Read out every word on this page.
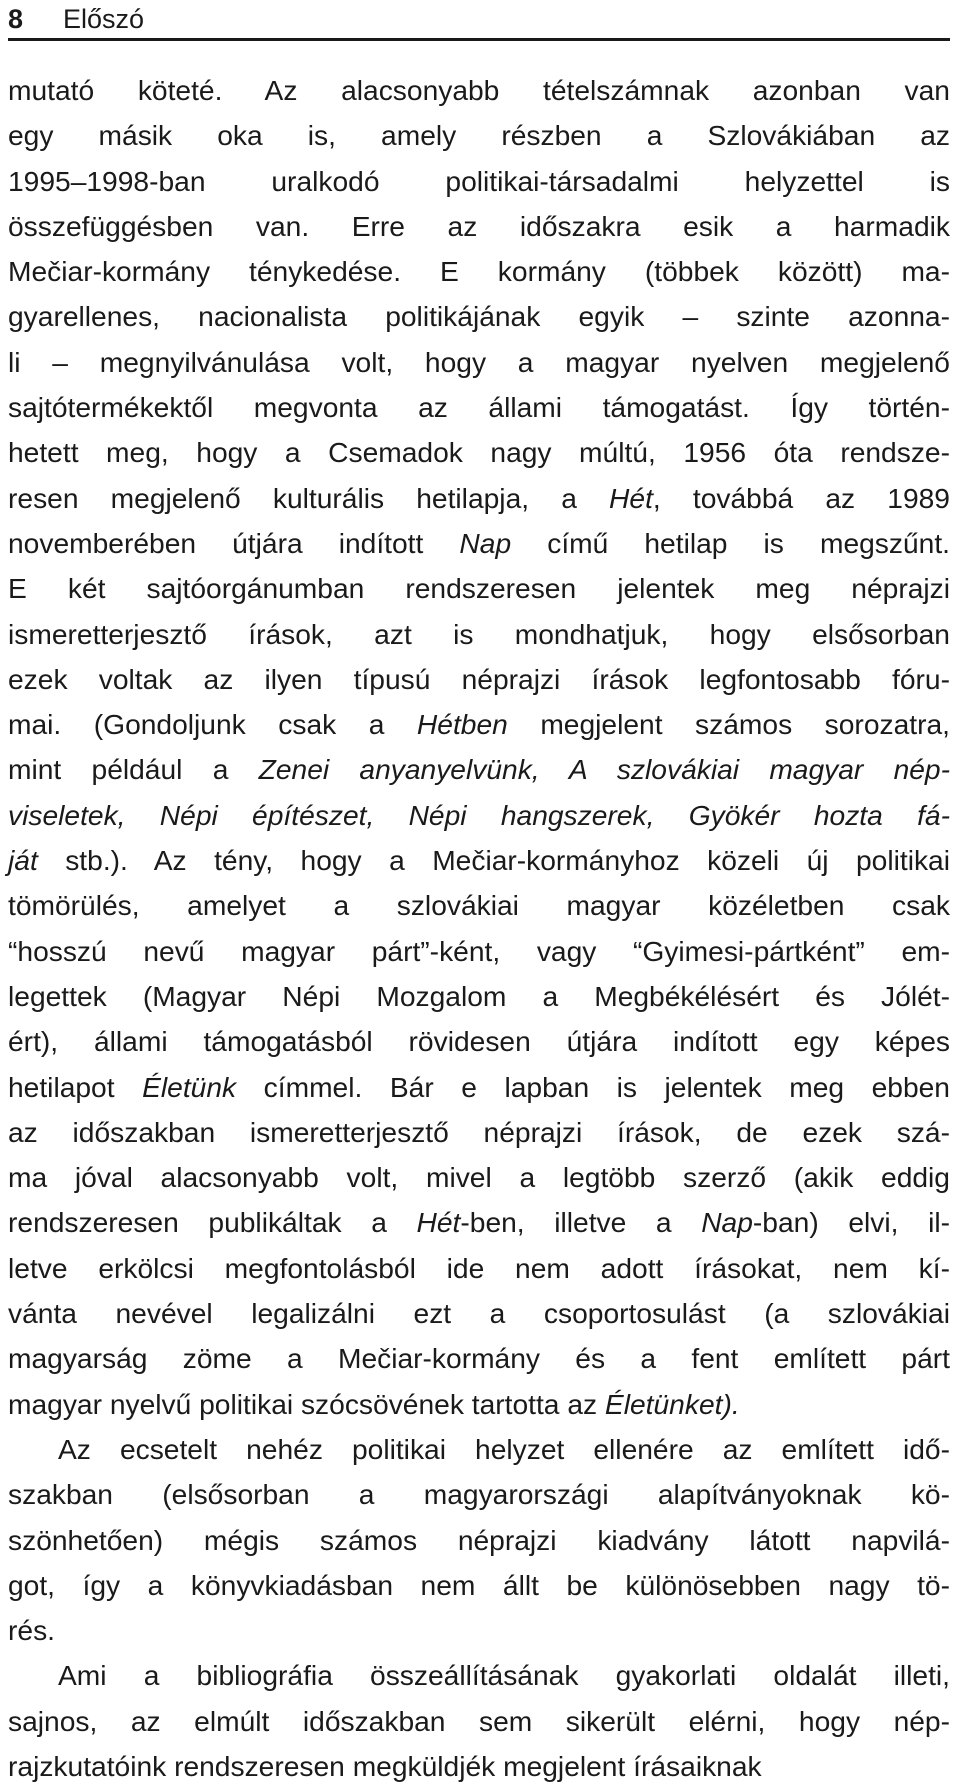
8 Előszó
mutató köteté. Az alacsonyabb tételszámnak azonban van
egy másik oka is, amely részben a Szlovákiában az
1995–1998-ban uralkodó politikai-társadalmi helyzettel is
összefüggésben van. Erre az időszakra esik a harmadik
Mečiar-kormány ténykedése. E kormány (többek között) ma-
gyarellenes, nacionalista politikájának egyik – szinte azonna-
li – megnyilvánulása volt, hogy a magyar nyelven megjelenő
sajtótermékektől megvonta az állami támogatást. Így történ-
hetett meg, hogy a Csemadok nagy múltú, 1956 óta rendsze-
resen megjelenő kulturális hetilapja, a Hét, továbbá az 1989
novemberében útjára indított Nap című hetilap is megszűnt.
E két sajtóorgánumban rendszeresen jelentek meg néprajzi
ismeretterjesztő írások, azt is mondhatjuk, hogy elsősorban
ezek voltak az ilyen típusú néprajzi írások legfontosabb fóru-
mai. (Gondoljunk csak a Hétben megjelent számos sorozatra,
mint például a Zenei anyanyelvünk, A szlovákiai magyar nép-
viseletek, Népi építészet, Népi hangszerek, Gyökér hozta fá-
ját stb.). Az tény, hogy a Mečiar-kormányhoz közeli új politikai
tömörülés, amelyet a szlovákiai magyar közéletben csak
“hosszú nevű magyar párt”-ként, vagy “Gyimesi-pártként” em-
legettek (Magyar Népi Mozgalom a Megbékélésért és Jólét-
ért), állami támogatásból rövidesen útjára indított egy képes
hetilapot Életünk címmel. Bár e lapban is jelentek meg ebben
az időszakban ismeretterjesztő néprajzi írások, de ezek szá-
ma jóval alacsonyabb volt, mivel a legtöbb szerző (akik eddig
rendszeresen publikáltak a Hét-ben, illetve a Nap-ban) elvi, il-
letve erkölcsi megfontolásból ide nem adott írásokat, nem kí-
vánta nevével legalizálni ezt a csoportosulást (a szlovákiai
magyarság zöme a Mečiar-kormány és a fent említett párt
magyar nyelvű politikai szócsövének tartotta az Életünket).
Az ecsetelt nehéz politikai helyzet ellenére az említett idő-
szakban (elsősorban a magyarországi alapítványoknak kö-
szönhetően) mégis számos néprajzi kiadvány látott napvilá-
got, így a könyvkiadásban nem állt be különösebben nagy tö-
rés.
Ami a bibliográfia összeállításának gyakorlati oldalát illeti,
sajnos, az elmúlt időszakban sem sikerült elérni, hogy nép-
rajzkutatóink rendszeresen megküldjék megjelent írásaiknak
